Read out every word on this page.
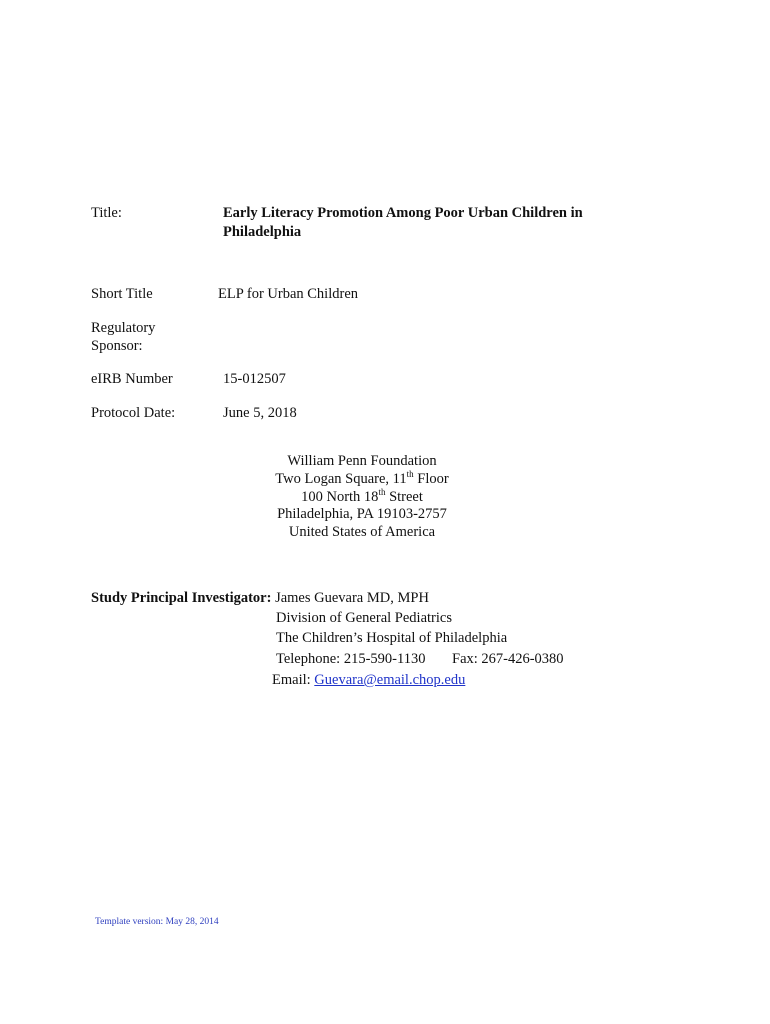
Title:	Early Literacy Promotion Among Poor Urban Children in
Philadelphia
Short Title	ELP for Urban Children
Regulatory
Sponsor:
eIRB Number	15-012507
Protocol Date:	June 5, 2018
William Penn Foundation
Two Logan Square, 11th Floor
100 North 18th Street
Philadelphia, PA 19103-2757
United States of America
Study Principal Investigator: James Guevara MD, MPH
Division of General Pediatrics
The Children’s Hospital of Philadelphia
Telephone: 215-590-1130 Fax: 267-426-0380
Email: Guevara@email.chop.edu
Template version: May 28, 2014
